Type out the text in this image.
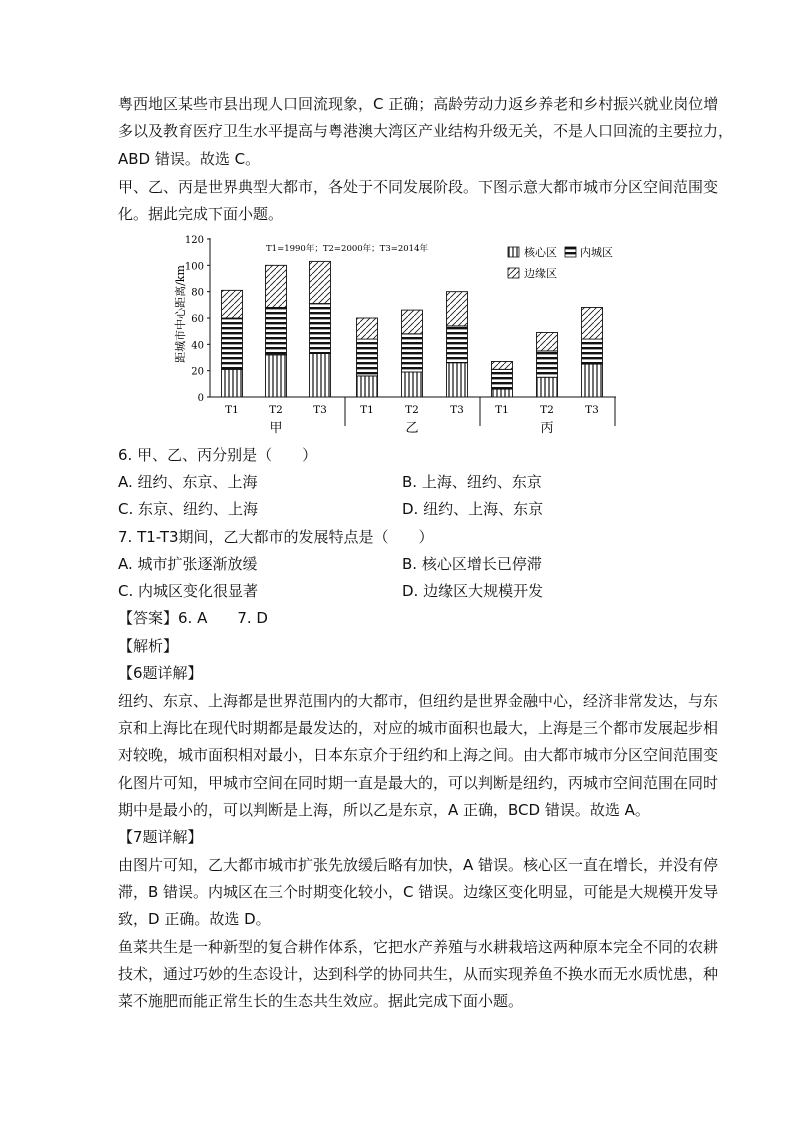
粤西地区某些市县出现人口回流现象，C 正确；高龄劳动力返乡养老和乡村振兴就业岗位增
多以及教育医疗卫生水平提高与粤港澳大湾区产业结构升级无关，不是人口回流的主要拉力，
ABD 错误。故选 C。
甲、乙、丙是世界典型大都市，各处于不同发展阶段。下图示意大都市城市分区空间范围变
化。据此完成下面小题。
0
20
40
60
80
100
120
T1	T2	T3	T1	T2	T3	T1	T2	T3
甲	乙	丙
距城市中心距离/km
T1=1990年；T2=2000年；T3=2014年	核心区 内城区
边缘区
6. 甲、乙、丙分别是（　　）
A. 纽约、东京、上海	B. 上海、纽约、东京
C. 东京、纽约、上海	D. 纽约、上海、东京
7. T1-T3期间，乙大都市的发展特点是（　　）
A. 城市扩张逐渐放缓	B. 核心区增长已停滞
C. 内城区变化很显著	D. 边缘区大规模开发
【答案】6. A　　7. D
【解析】
【6题详解】
纽约、东京、上海都是世界范围内的大都市，但纽约是世界金融中心，经济非常发达，与东
京和上海比在现代时期都是最发达的，对应的城市面积也最大，上海是三个都市发展起步相
对较晚，城市面积相对最小，日本东京介于纽约和上海之间。由大都市城市分区空间范围变
化图片可知，甲城市空间在同时期一直是最大的，可以判断是纽约，丙城市空间范围在同时
期中是最小的，可以判断是上海，所以乙是东京，A 正确，BCD 错误。故选 A。
【7题详解】
由图片可知，乙大都市城市扩张先放缓后略有加快，A 错误。核心区一直在增长，并没有停
滞，B 错误。内城区在三个时期变化较小，C 错误。边缘区变化明显，可能是大规模开发导
致，D 正确。故选 D。
鱼菜共生是一种新型的复合耕作体系，它把水产养殖与水耕栽培这两种原本完全不同的农耕
技术，通过巧妙的生态设计，达到科学的协同共生，从而实现养鱼不换水而无水质忧患，种
菜不施肥而能正常生长的生态共生效应。据此完成下面小题。
